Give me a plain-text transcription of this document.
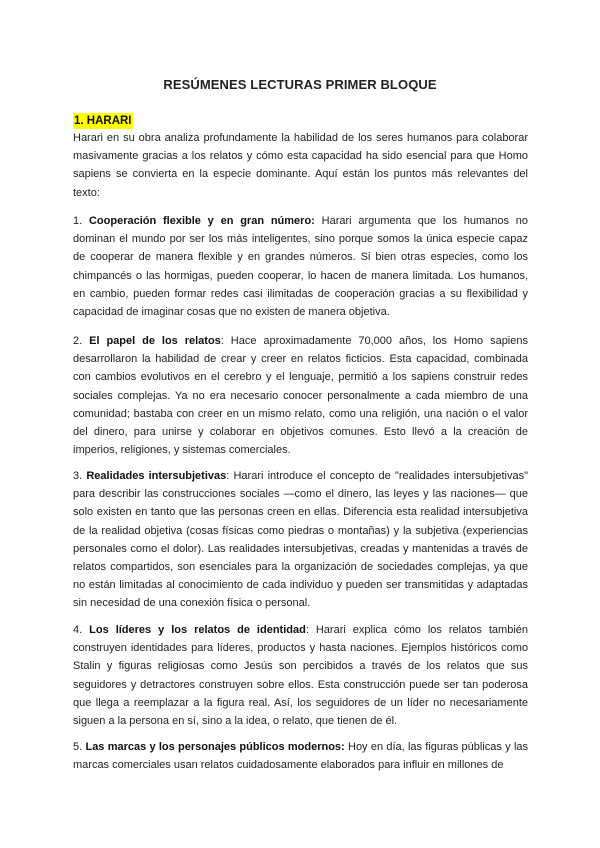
RESÚMENES LECTURAS PRIMER BLOQUE
1. HARARI

Harari en su obra analiza profundamente la habilidad de los seres humanos para colaborar masivamente gracias a los relatos y cómo esta capacidad ha sido esencial para que Homo sapiens se convierta en la especie dominante. Aquí están los puntos más relevantes del texto:

1. Cooperación flexible y en gran número: Harari argumenta que los humanos no dominan el mundo por ser los más inteligentes, sino porque somos la única especie capaz de cooperar de manera flexible y en grandes números. Si bien otras especies, como los chimpancés o las hormigas, pueden cooperar, lo hacen de manera limitada. Los humanos, en cambio, pueden formar redes casi ilimitadas de cooperación gracias a su flexibilidad y capacidad de imaginar cosas que no existen de manera objetiva.

2. El papel de los relatos: Hace aproximadamente 70,000 años, los Homo sapiens desarrollaron la habilidad de crear y creer en relatos ficticios. Esta capacidad, combinada con cambios evolutivos en el cerebro y el lenguaje, permitió a los sapiens construir redes sociales complejas. Ya no era necesario conocer personalmente a cada miembro de una comunidad; bastaba con creer en un mismo relato, como una religión, una nación o el valor del dinero, para unirse y colaborar en objetivos comunes. Esto llevó a la creación de imperios, religiones, y sistemas comerciales.

3. Realidades intersubjetivas: Harari introduce el concepto de "realidades intersubjetivas" para describir las construcciones sociales —como el dinero, las leyes y las naciones— que solo existen en tanto que las personas creen en ellas. Diferencia esta realidad intersubjetiva de la realidad objetiva (cosas físicas como piedras o montañas) y la subjetiva (experiencias personales como el dolor). Las realidades intersubjetivas, creadas y mantenidas a través de relatos compartidos, son esenciales para la organización de sociedades complejas, ya que no están limitadas al conocimiento de cada individuo y pueden ser transmitidas y adaptadas sin necesidad de una conexión física o personal.

4. Los líderes y los relatos de identidad: Harari explica cómo los relatos también construyen identidades para líderes, productos y hasta naciones. Ejemplos históricos como Stalin y figuras religiosas como Jesús son percibidos a través de los relatos que sus seguidores y detractores construyen sobre ellos. Esta construcción puede ser tan poderosa que llega a reemplazar a la figura real. Así, los seguidores de un líder no necesariamente siguen a la persona en sí, sino a la idea, o relato, que tienen de él.

5. Las marcas y los personajes públicos modernos: Hoy en día, las figuras públicas y las marcas comerciales usan relatos cuidadosamente elaborados para influir en millones de
